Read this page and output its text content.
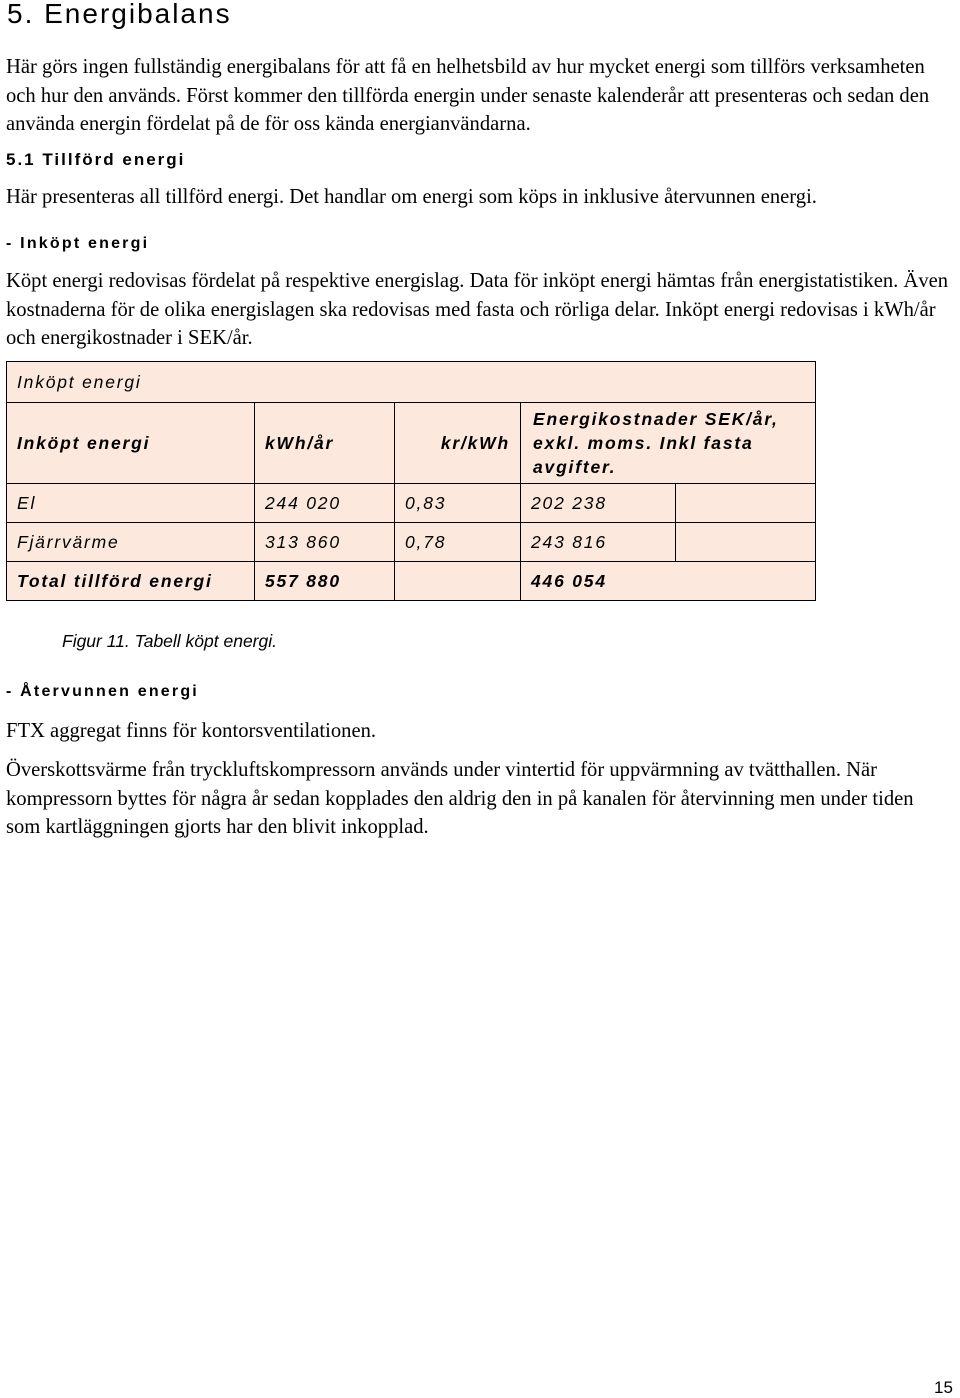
5. Energibalans

Här görs ingen fullständig energibalans för att få en helhetsbild av hur mycket energi som tillförs verksamheten och hur den används. Först kommer den tillförda energin under senaste kalenderår att presenteras och sedan den använda energin fördelat på de för oss kända energianvändarna.

5.1 Tillförd energi

Här presenteras all tillförd energi. Det handlar om energi som köps in inklusive återvunnen energi.

- Inköpt energi

Köpt energi redovisas fördelat på respektive energislag. Data för inköpt energi hämtas från energistatistiken. Även kostnaderna för de olika energislagen ska redovisas med fasta och rörliga delar. Inköpt energi redovisas i kWh/år och energikostnader i SEK/år.

Inköpt energi				
Inköpt energi	kWh/år	kr/kWh	Energikostnader SEK/år, exkl. moms. Inkl fasta avgifter.	
El	244 020	0,83	202 238	
Fjärrvärme	313 860	0,78	243 816	
Total tillförd energi	557 880		446 054	

Figur 11. Tabell köpt energi.

- Återvunnen energi

FTX aggregat finns för kontorsventilationen.

Överskottsvärme från tryckluftskompressorn används under vintertid för uppvärmning av tvätthallen. När kompressorn byttes för några år sedan kopplades den aldrig den in på kanalen för återvinning men under tiden som kartläggningen gjorts har den blivit inkopplad.

15
